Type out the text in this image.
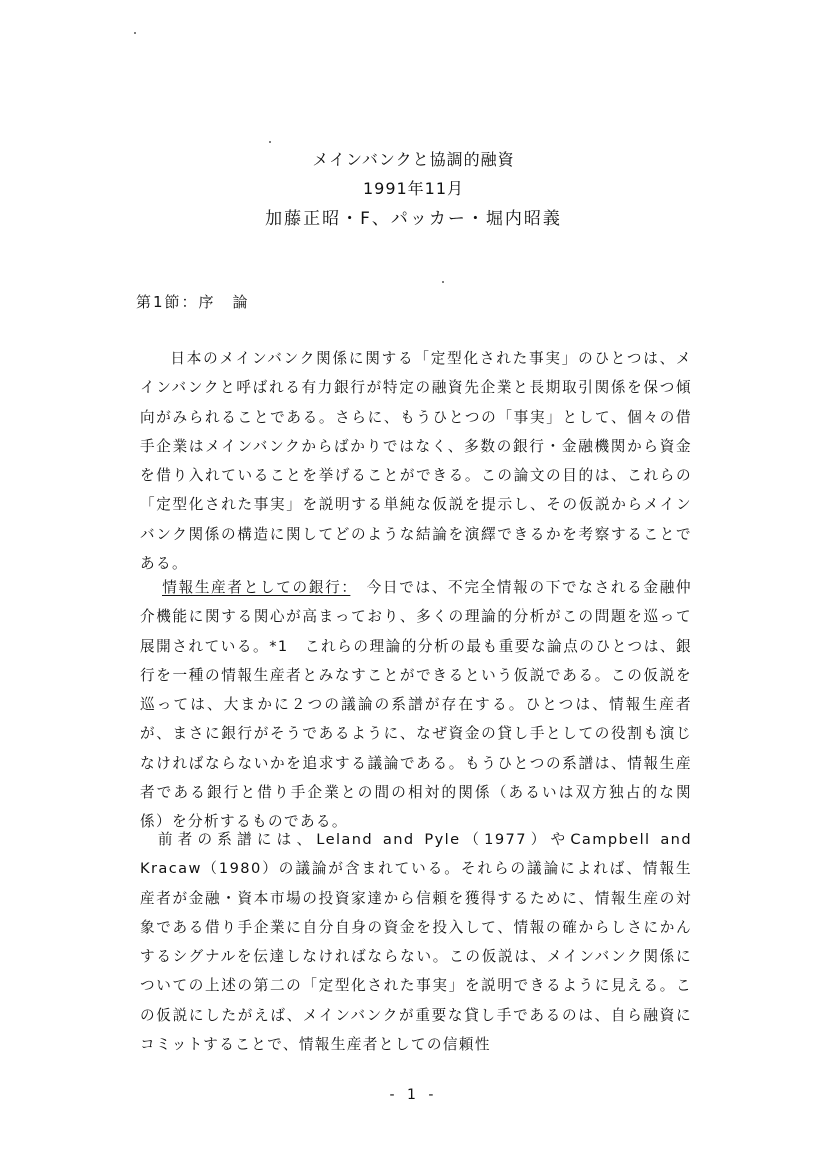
メインバンクと協調的融資
1991年11月
加藤正昭・F、パッカー・堀内昭義
第1節：序　論

日本のメインバンク関係に関する「定型化された事実」のひとつは、メインバンクと呼ばれる有力銀行が特定の融資先企業と長期取引関係を保つ傾向がみられることである。さらに、もうひとつの「事実」として、個々の借手企業はメインバンクからばかりではなく、多数の銀行・金融機関から資金を借り入れていることを挙げることができる。この論文の目的は、これらの「定型化された事実」を説明する単純な仮説を提示し、その仮説からメインバンク関係の構造に関してどのような結論を演繹できるかを考察することである。

情報生産者としての銀行：　今日では、不完全情報の下でなされる金融仲介機能に関する関心が高まっており、多くの理論的分析がこの問題を巡って展開されている。*1　これらの理論的分析の最も重要な論点のひとつは、銀行を一種の情報生産者とみなすことができるという仮説である。この仮説を巡っては、大まかに２つの議論の系譜が存在する。ひとつは、情報生産者が、まさに銀行がそうであるように、なぜ資金の貸し手としての役割も演じなければならないかを追求する議論である。もうひとつの系譜は、情報生産者である銀行と借り手企業との間の相対的関係（あるいは双方独占的な関係）を分析するものである。

前者の系譜には、Leland and Pyle（1977）やCampbell and Kracaw（1980）の議論が含まれている。それらの議論によれば、情報生産者が金融・資本市場の投資家達から信頼を獲得するために、情報生産の対象である借り手企業に自分自身の資金を投入して、情報の確からしさにかんするシグナルを伝達しなければならない。この仮説は、メインバンク関係についての上述の第二の「定型化された事実」を説明できるように見える。この仮説にしたがえば、メインバンクが重要な貸し手であるのは、自ら融資にコミットすることで、情報生産者としての信頼性

- 1 -
